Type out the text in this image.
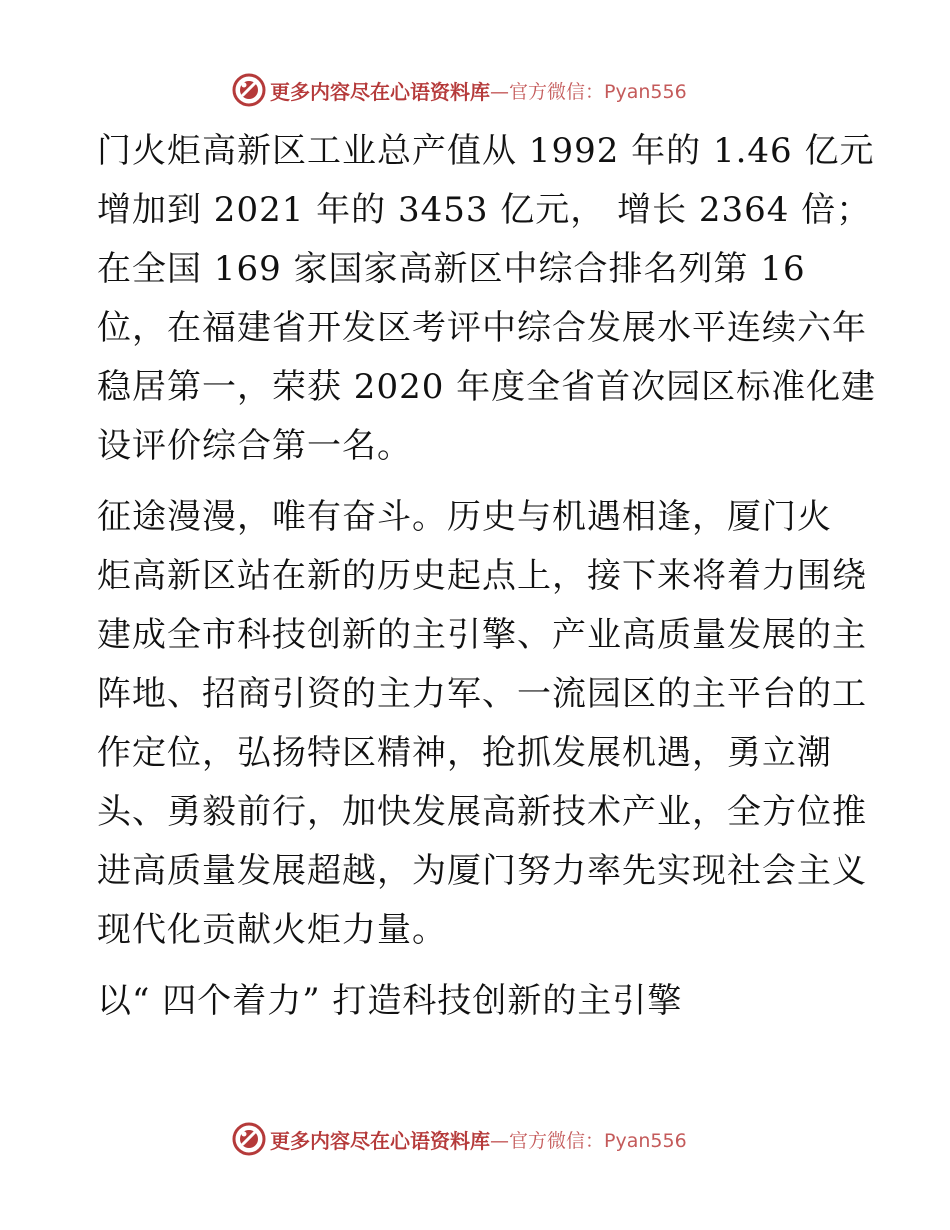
更多内容尽在心语资料库 —官方微信：Pyan556
门火炬高新区工业总产值从 1992 年的 1.46 亿元
增加到 2021 年的 3453 亿元， 增长 2364 倍；
在全国 169 家国家高新区中综合排名列第 16
位，在福建省开发区考评中综合发展水平连续六年
稳居第一，荣获 2020 年度全省首次园区标准化建
设评价综合第一名。
征途漫漫，唯有奋斗。历史与机遇相逢，厦门火
炬高新区站在新的历史起点上，接下来将着力围绕
建成全市科技创新的主引擎、产业高质量发展的主
阵地、招商引资的主力军、一流园区的主平台的工
作定位，弘扬特区精神，抢抓发展机遇，勇立潮
头、勇毅前行，加快发展高新技术产业，全方位推
进高质量发展超越，为厦门努力率先实现社会主义
现代化贡献火炬力量。
以“ 四个着力” 打造科技创新的主引擎
更多内容尽在心语资料库 —官方微信：Pyan556
